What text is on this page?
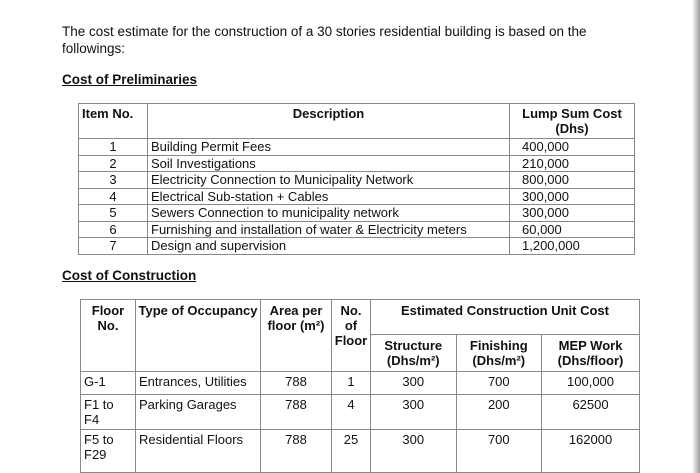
The cost estimate for the construction of a 30 stories residential building is based on the followings:
Cost of Preliminaries
Item No.	Description	Lump Sum Cost (Dhs)
1	Building Permit Fees	400,000
2	Soil Investigations	210,000
3	Electricity Connection to Municipality Network	800,000
4	Electrical Sub-station + Cables	300,000
5	Sewers Connection to municipality network	300,000
6	Furnishing and installation of water & Electricity meters	60,000
7	Design and supervision	1,200,000
Cost of Construction
Floor No.	Type of Occupancy	Area per floor (m²)	No. of Floor	Estimated Construction Unit Cost		
				Structure (Dhs/m²)	Finishing (Dhs/m²)	MEP Work (Dhs/floor)
G-1	Entrances, Utilities	788	1	300	700	100,000
F1 to F4	Parking Garages	788	4	300	200	62500
F5 to F29	Residential Floors	788	25	300	700	162000
